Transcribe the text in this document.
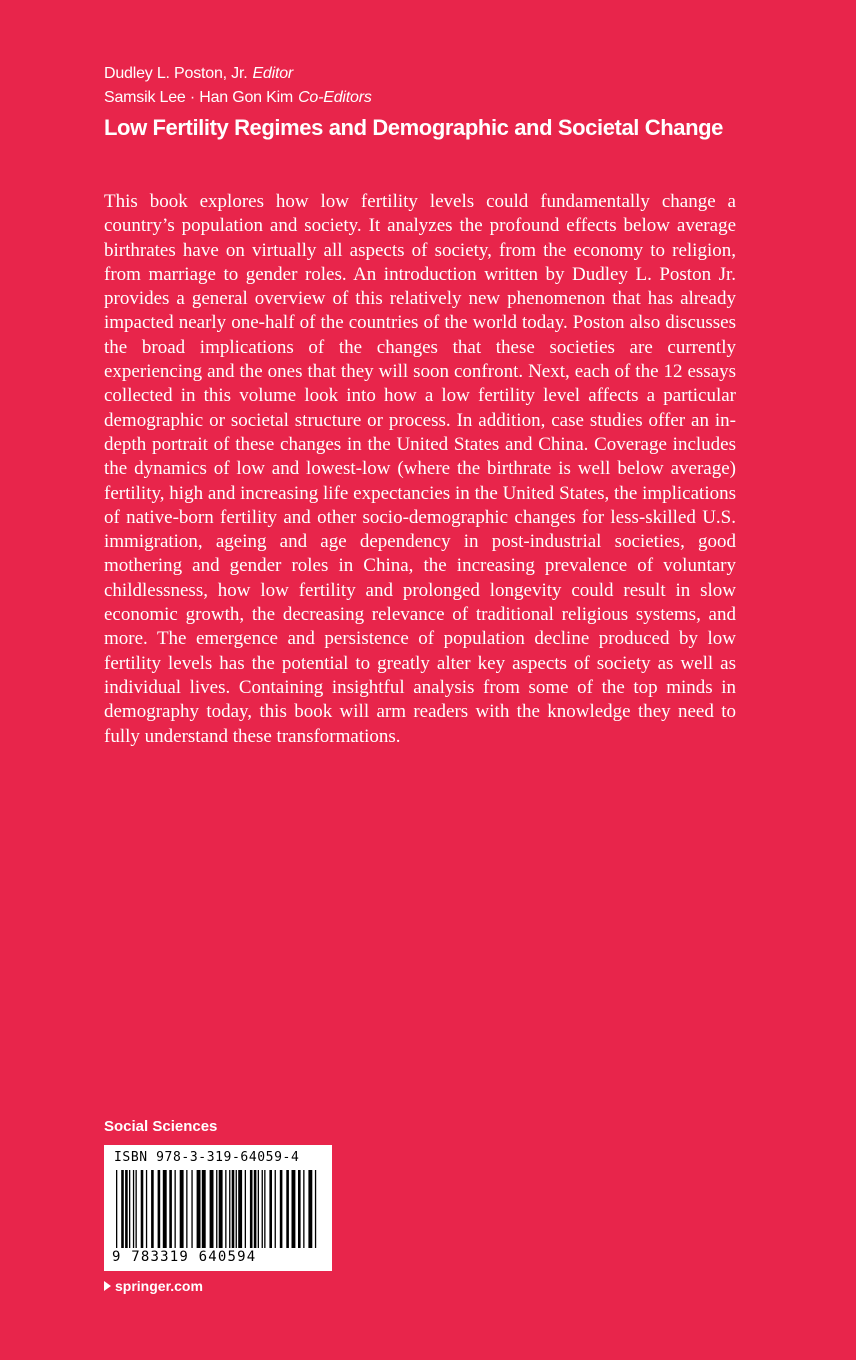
Dudley L. Poston, Jr. Editor
Samsik Lee · Han Gon Kim Co-Editors
Low Fertility Regimes and Demographic and Societal Change

This book explores how low fertility levels could fundamentally change a country’s population and society. It analyzes the profound effects below average birthrates have on virtually all aspects of society, from the economy to religion, from marriage to gender roles. An introduction written by Dudley L. Poston Jr. provides a general overview of this relatively new phenomenon that has already impacted nearly one-half of the countries of the world today. Poston also discusses the broad implications of the changes that these societies are currently experiencing and the ones that they will soon confront. Next, each of the 12 essays collected in this volume look into how a low fertility level affects a particular demographic or societal structure or process. In addition, case studies offer an in-depth portrait of these changes in the United States and China. Coverage includes the dynamics of low and lowest-low (where the birthrate is well below average) fertility, high and increasing life expectancies in the United States, the implications of native-born fertility and other socio-demographic changes for less-skilled U.S. immigration, ageing and age dependency in post-industrial societies, good mothering and gender roles in China, the increasing prevalence of voluntary childlessness, how low fertility and prolonged longevity could result in slow economic growth, the decreasing relevance of traditional religious systems, and more. The emergence and persistence of population decline produced by low fertility levels has the potential to greatly alter key aspects of society as well as individual lives. Containing insightful analysis from some of the top minds in demography today, this book will arm readers with the knowledge they need to fully understand these transformations.

Social Sciences
ISBN 978-3-319-64059-4
9 783319 640594
springer.com
